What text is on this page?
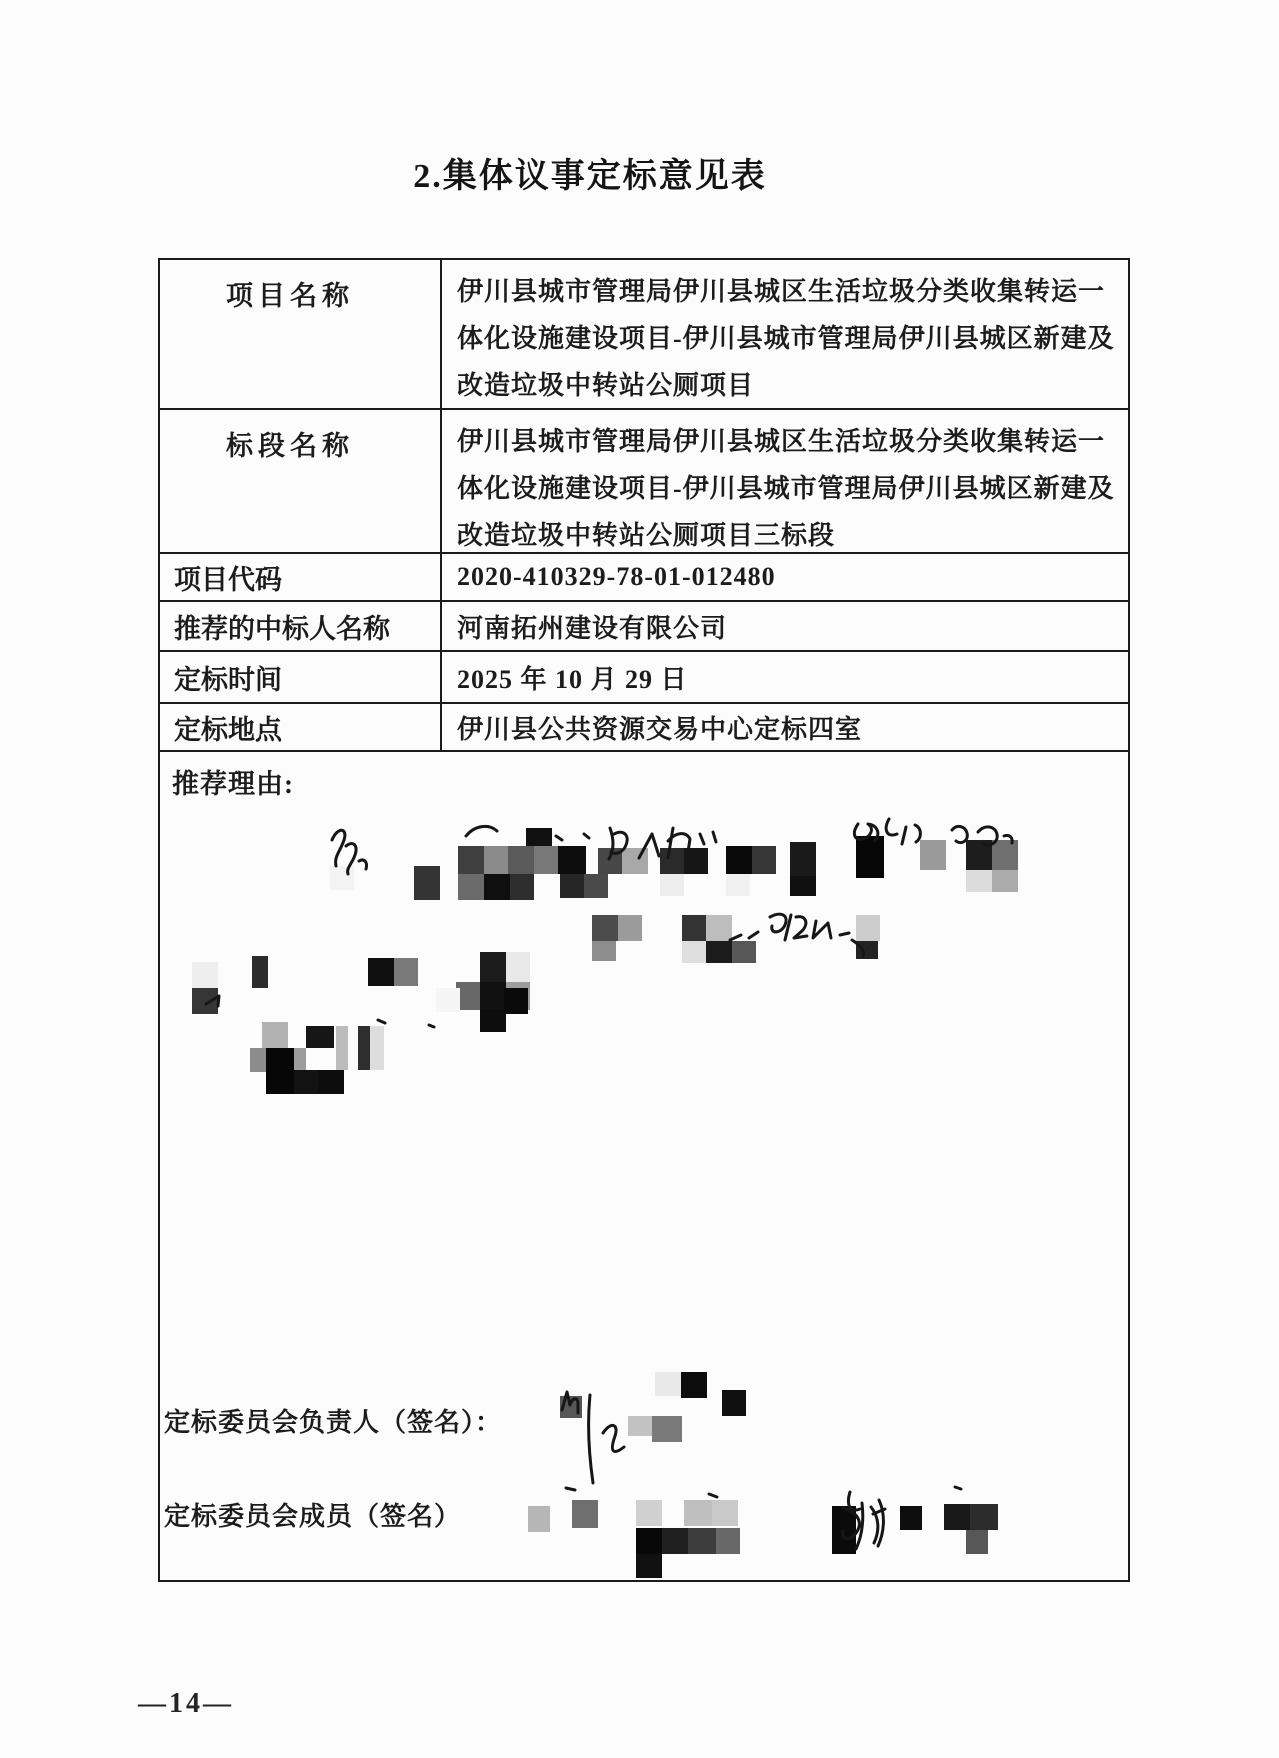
2.集体议事定标意见表
项目名称	伊川县城市管理局伊川县城区生活垃圾分类收集转运一体化设施建设项目-伊川县城市管理局伊川县城区新建及改造垃圾中转站公厕项目
标段名称	伊川县城市管理局伊川县城区生活垃圾分类收集转运一体化设施建设项目-伊川县城市管理局伊川县城区新建及改造垃圾中转站公厕项目三标段
项目代码	2020-410329-78-01-012480
推荐的中标人名称	河南拓州建设有限公司
定标时间	2025 年 10 月 29 日
定标地点	伊川县公共资源交易中心定标四室
推荐理由:
定标委员会负责人（签名）：
定标委员会成员（签名）
—14—
